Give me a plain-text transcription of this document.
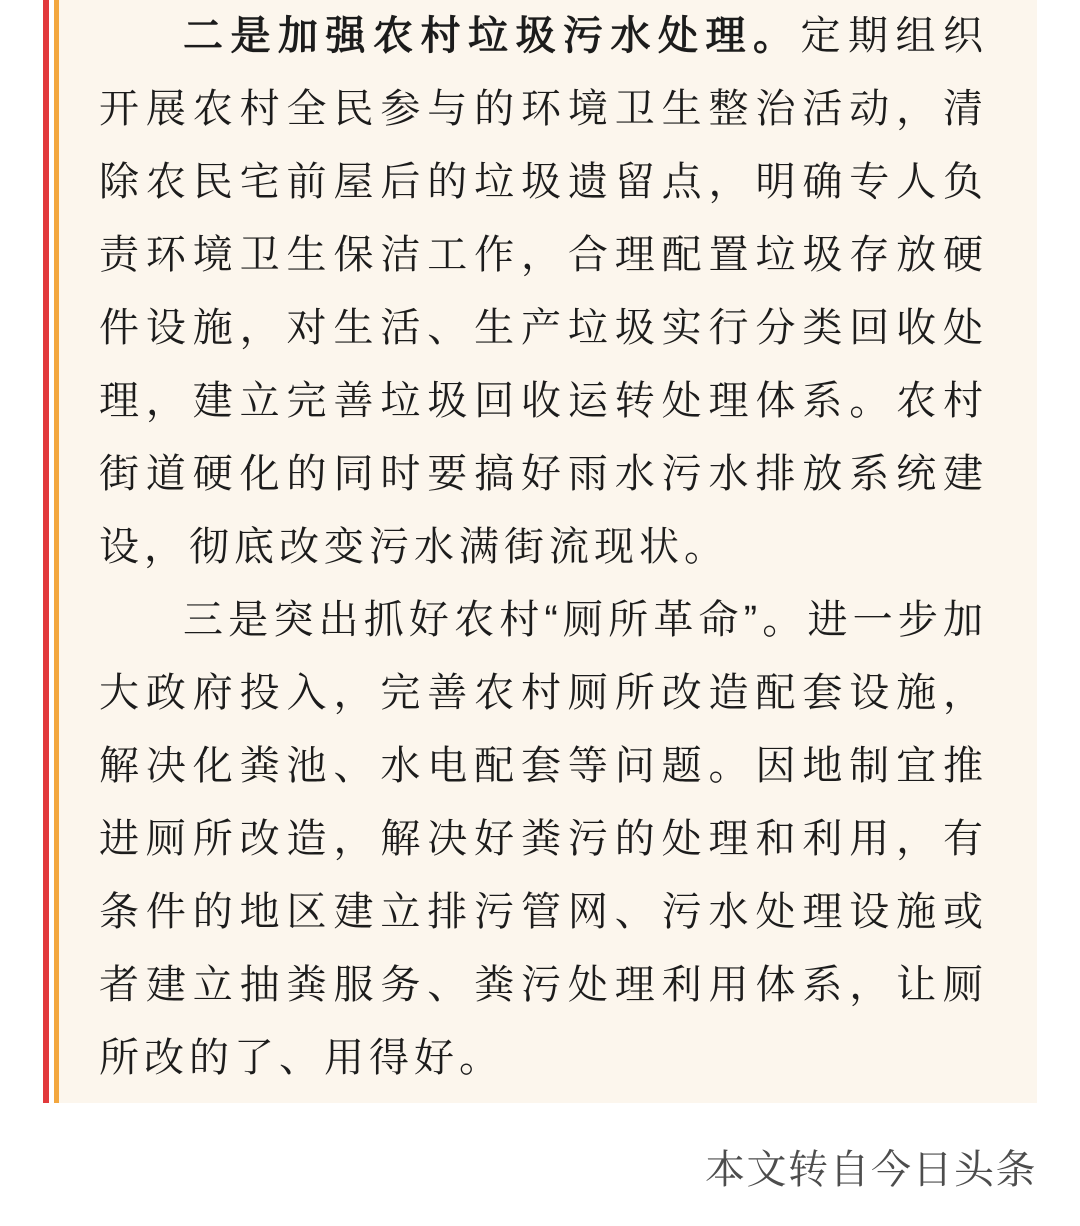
二是加强农村垃圾污水处理。定期组织开展农村全民参与的环境卫生整治活动，清除农民宅前屋后的垃圾遗留点，明确专人负责环境卫生保洁工作，合理配置垃圾存放硬件设施，对生活、生产垃圾实行分类回收处理，建立完善垃圾回收运转处理体系。农村街道硬化的同时要搞好雨水污水排放系统建设，彻底改变污水满街流现状。

三是突出抓好农村“厕所革命”。进一步加大政府投入，完善农村厕所改造配套设施，解决化粪池、水电配套等问题。因地制宜推进厕所改造，解决好粪污的处理和利用，有条件的地区建立排污管网、污水处理设施或者建立抽粪服务、粪污处理利用体系，让厕所改的了、用得好。

本文转自今日头条
